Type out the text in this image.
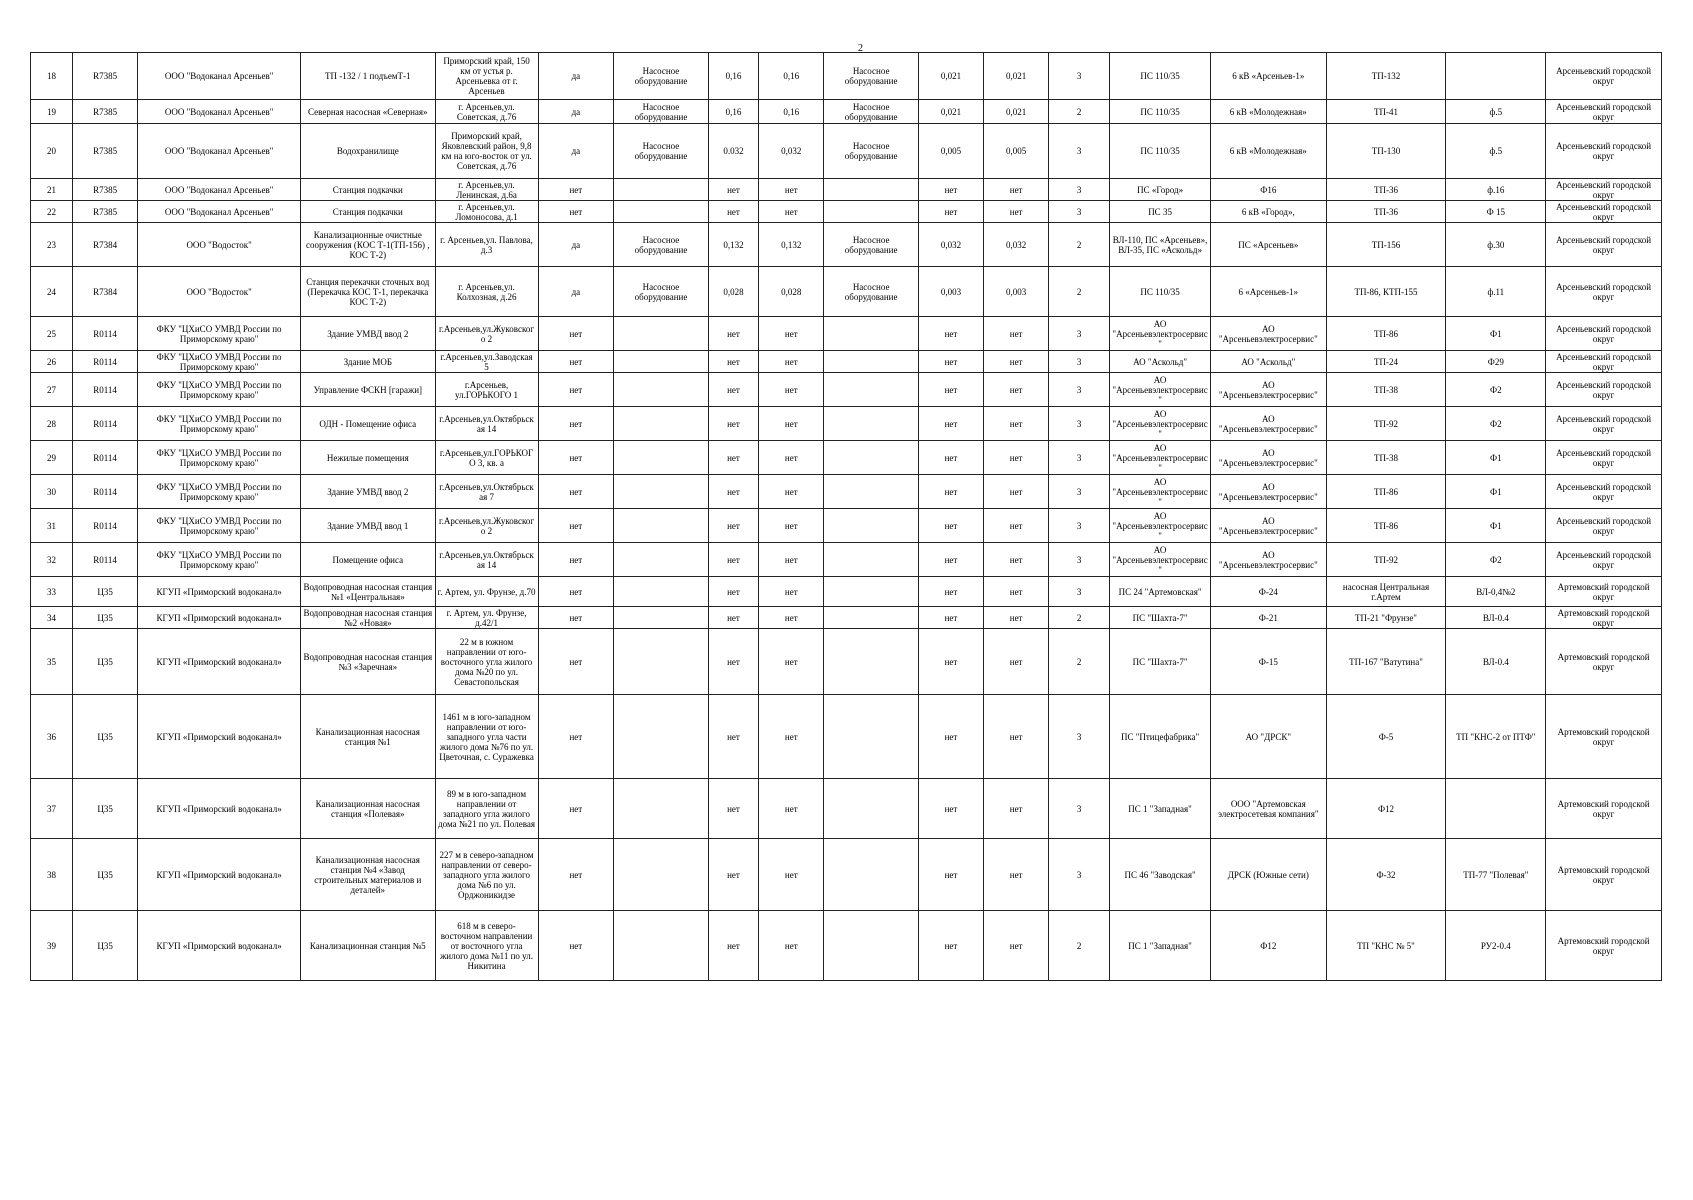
2
18	R7385	ООО "Водоканал Арсеньев"	ТП -132 / 1 подъемТ-1	Приморский край, 150 км от устья р. Арсеньевка от г. Арсеньев	да	Насосное оборудование	0,16	0,16	Насосное оборудование	0,021	0,021	3	ПС 110/35	6 кВ «Арсеньев-1»	ТП-132		Арсеньевский городской округ
19	R7385	ООО "Водоканал Арсеньев"	Северная насосная «Северная»	г. Арсеньев,ул. Советская, д.76	да	Насосное оборудование	0,16	0,16	Насосное оборудование	0,021	0,021	2	ПС 110/35	6 кВ «Молодежная»	ТП-41	ф.5	Арсеньевский городской округ
20	R7385	ООО "Водоканал Арсеньев"	Водохранилище	Приморский край, Яковлевский район, 9,8 км на юго-восток от ул. Советская, д.76	да	Насосное оборудование	0.032	0,032	Насосное оборудование	0,005	0,005	3	ПС 110/35	6 кВ «Молодежная»	ТП-130	ф.5	Арсеньевский городской округ
21	R7385	ООО "Водоканал Арсеньев"	Станция подкачки	г. Арсеньев,ул. Ленинская, д.6а	нет		нет	нет		нет	нет	3	ПС «Город»	Ф16	ТП-36	ф.16	Арсеньевский городской округ
22	R7385	ООО "Водоканал Арсеньев"	Станция подкачки	г. Арсеньев,ул. Ломоносова, д.1	нет		нет	нет		нет	нет	3	ПС 35	6 кВ «Город»,	ТП-36	Ф 15	Арсеньевский городской округ
23	R7384	ООО "Водосток"	Канализационные очистные сооружения (КОС Т-1(ТП-156) , КОС Т-2)	г. Арсеньев,ул. Павлова, д.3	да	Насосное оборудование	0,132	0,132	Насосное оборудование	0,032	0,032	2	ВЛ-110, ПС «Арсеньев», ВЛ-35, ПС «Аскольд»	ПС «Арсеньев»	ТП-156	ф.30	Арсеньевский городской округ
24	R7384	ООО "Водосток"	Станция перекачки сточных вод (Перекачка КОС Т-1, перекачка КОС Т-2)	г. Арсеньев,ул. Колхозная, д.26	да	Насосное оборудование	0,028	0,028	Насосное оборудование	0,003	0,003	2	ПС 110/35	6 «Арсеньев-1»	ТП-86, КТП-155	ф.11	Арсеньевский городской округ
25	R0114	ФКУ "ЦХиСО УМВД России по Приморскому краю"	Здание УМВД ввод 2	г.Арсеньев,ул.Жуковского 2	нет		нет	нет		нет	нет	3	АО "Арсеньевэлектросервис"	АО "Арсеньевэлектросервис"	ТП-86	Ф1	Арсеньевский городской округ
26	R0114	ФКУ "ЦХиСО УМВД России по Приморскому краю"	Здание МОБ	г.Арсеньев,ул.Заводская 5	нет		нет	нет		нет	нет	3	АО "Аскольд"	АО "Аскольд"	ТП-24	Ф29	Арсеньевский городской округ
27	R0114	ФКУ "ЦХиСО УМВД России по Приморскому краю"	Управление ФСКН [гаражи]	г.Арсеньев, ул.ГОРЬКОГО 1	нет		нет	нет		нет	нет	3	АО "Арсеньевэлектросервис"	АО "Арсеньевэлектросервис"	ТП-38	Ф2	Арсеньевский городской округ
28	R0114	ФКУ "ЦХиСО УМВД России по Приморскому краю"	ОДН - Помещение офиса	г.Арсеньев,ул.Октябрьская 14	нет		нет	нет		нет	нет	3	АО "Арсеньевэлектросервис"	АО "Арсеньевэлектросервис"	ТП-92	Ф2	Арсеньевский городской округ
29	R0114	ФКУ "ЦХиСО УМВД России по Приморскому краю"	Нежилые помещения	г.Арсеньев,ул.ГОРЬКОГО 3, кв. а	нет		нет	нет		нет	нет	3	АО "Арсеньевэлектросервис"	АО "Арсеньевэлектросервис"	ТП-38	Ф1	Арсеньевский городской округ
30	R0114	ФКУ "ЦХиСО УМВД России по Приморскому краю"	Здание УМВД ввод 2	г.Арсеньев,ул.Октябрьская 7	нет		нет	нет		нет	нет	3	АО "Арсеньевэлектросервис"	АО "Арсеньевэлектросервис"	ТП-86	Ф1	Арсеньевский городской округ
31	R0114	ФКУ "ЦХиСО УМВД России по Приморскому краю"	Здание УМВД ввод 1	г.Арсеньев,ул.Жуковского 2	нет		нет	нет		нет	нет	3	АО "Арсеньевэлектросервис"	АО "Арсеньевэлектросервис"	ТП-86	Ф1	Арсеньевский городской округ
32	R0114	ФКУ "ЦХиСО УМВД России по Приморскому краю"	Помещение офиса	г.Арсеньев,ул.Октябрьская 14	нет		нет	нет		нет	нет	3	АО "Арсеньевэлектросервис"	АО "Арсеньевэлектросервис"	ТП-92	Ф2	Арсеньевский городской округ
33	Ц35	КГУП «Приморский водоканал»	Водопроводная насосная станция №1 «Центральная»	г. Артем, ул. Фрунзе, д.70	нет		нет	нет		нет	нет	3	ПС 24 "Артемовская"	Ф-24	насосная Центральная г.Артем	ВЛ-0,4№2	Артемовский городской округ
34	Ц35	КГУП «Приморский водоканал»	Водопроводная насосная станция №2 «Новая»	г. Артем, ул. Фрунзе, д.42/1	нет		нет	нет		нет	нет	2	ПС "Шахта-7"	Ф-21	ТП-21 "Фрунзе"	ВЛ-0.4	Артемовский городской округ
35	Ц35	КГУП «Приморский водоканал»	Водопроводная насосная станция №3 «Заречная»	22 м в южном направлении от юго-восточного угла жилого дома №20 по ул. Севастопольская	нет		нет	нет		нет	нет	2	ПС "Шахта-7"	Ф-15	ТП-167 "Ватутина"	ВЛ-0.4	Артемовский городской округ
36	Ц35	КГУП «Приморский водоканал»	Канализационная насосная станция №1	1461 м в юго-западном направлении от юго-западного угла части жилого дома №76 по ул. Цветочная, с. Суражевка	нет		нет	нет		нет	нет	3	ПС "Птицефабрика"	АО "ДРСК"	Ф-5	ТП "КНС-2 от ПТФ"	Артемовский городской округ
37	Ц35	КГУП «Приморский водоканал»	Канализационная насосная станция «Полевая»	89 м в юго-западном направлении от западного угла жилого дома №21 по ул. Полевая	нет		нет	нет		нет	нет	3	ПС 1 "Западная"	ООО "Артемовская электросетевая компания"	Ф12		Артемовский городской округ
38	Ц35	КГУП «Приморский водоканал»	Канализационная насосная станция №4 «Завод строительных материалов и деталей»	227 м в северо-западном направлении от северо-западного угла жилого дома №6 по ул. Орджоникидзе	нет		нет	нет		нет	нет	3	ПС 46 "Заводская"	ДРСК (Южные сети)	Ф-32	ТП-77 "Полевая"	Артемовский городской округ
39	Ц35	КГУП «Приморский водоканал»	Канализационная станция №5	618 м в северо-восточном направлении от восточного угла жилого дома №11 по ул. Никитина	нет		нет	нет		нет	нет	2	ПС 1 "Западная"	Ф12	ТП "КНС № 5"	РУ2-0.4	Артемовский городской округ
